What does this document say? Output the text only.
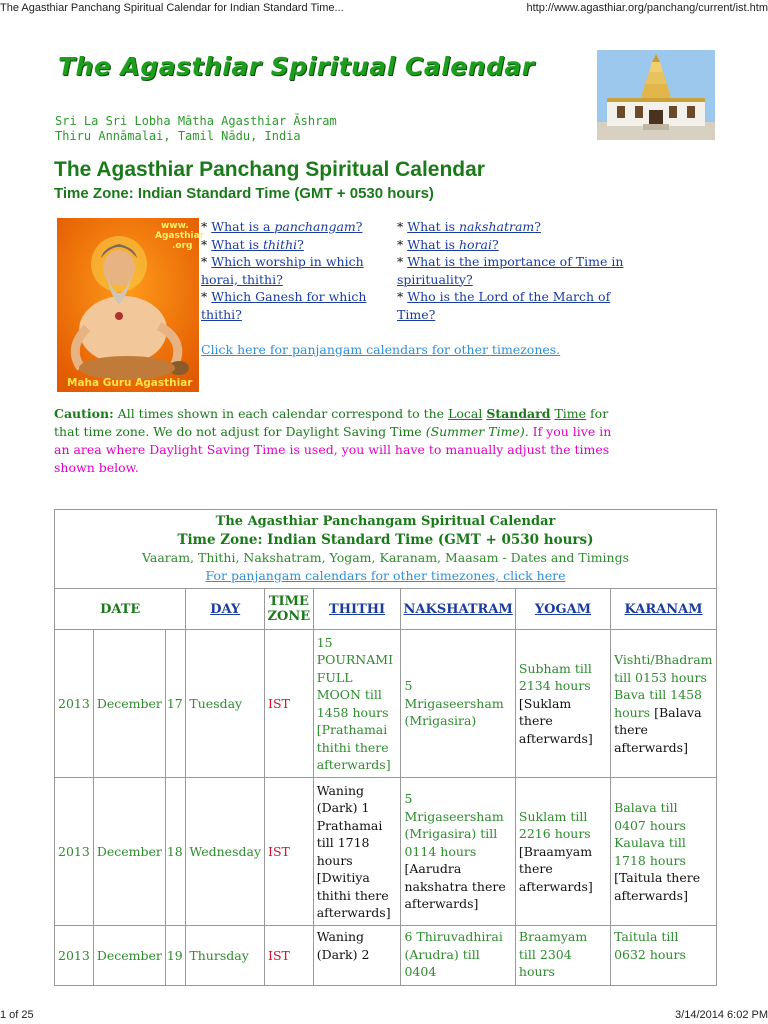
The Agasthiar Panchang Spiritual Calendar for Indian Standard Time...	http://www.agasthiar.org/panchang/current/ist.htm
The Agasthiar Spiritual Calendar
Sri La Sri Lobha Mātha Agasthiar Āshram
Thiru Annāmalai, Tamil Nādu, India
The Agasthiar Panchang Spiritual Calendar
Time Zone: Indian Standard Time (GMT + 0530 hours)
www.
Agasthiar
.org
Maha Guru Agasthiar
* What is a panchangam?
* What is thithi?
* Which worship in which horai, thithi?
* Which Ganesh for which thithi?
* What is nakshatram?
* What is horai?
* What is the importance of Time in spirituality?
* Who is the Lord of the March of Time?
Click here for panjangam calendars for other timezones.
Caution: All times shown in each calendar correspond to the Local Standard Time for that time zone. We do not adjust for Daylight Saving Time (Summer Time). If you live in an area where Daylight Saving Time is used, you will have to manually adjust the times shown below.
The Agasthiar Panchangam Spiritual Calendar
Time Zone: Indian Standard Time (GMT + 0530 hours)
Vaaram, Thithi, Nakshatram, Yogam, Karanam, Maasam - Dates and Timings
For panjangam calendars for other timezones, click here								

DATE			DAY	TIME ZONE	THITHI	NAKSHATRAM	YOGAM	KARANAM
2013	December	17	Tuesday	IST	15 POURNAMI FULL MOON till 1458 hours [Prathamai thithi there afterwards]	5 Mrigaseersham (Mrigasira)	Subham till 2134 hours [Suklam there afterwards]	Vishti/Bhadram till 0153 hours Bava till 1458 hours [Balava there afterwards]
2013	December	18	Wednesday	IST	Waning (Dark) 1 Prathamai till 1718 hours [Dwitiya thithi there afterwards]	5 Mrigaseersham (Mrigasira) till 0114 hours [Aarudra nakshatra there afterwards]	Suklam till 2216 hours [Braamyam there afterwards]	Balava till 0407 hours Kaulava till 1718 hours [Taitula there afterwards]
2013	December	19	Thursday	IST	Waning (Dark) 2	6 Thiruvadhirai (Arudra) till 0404	Braamyam till 2304 hours	Taitula till 0632 hours
1 of 25	3/14/2014 6:02 PM
